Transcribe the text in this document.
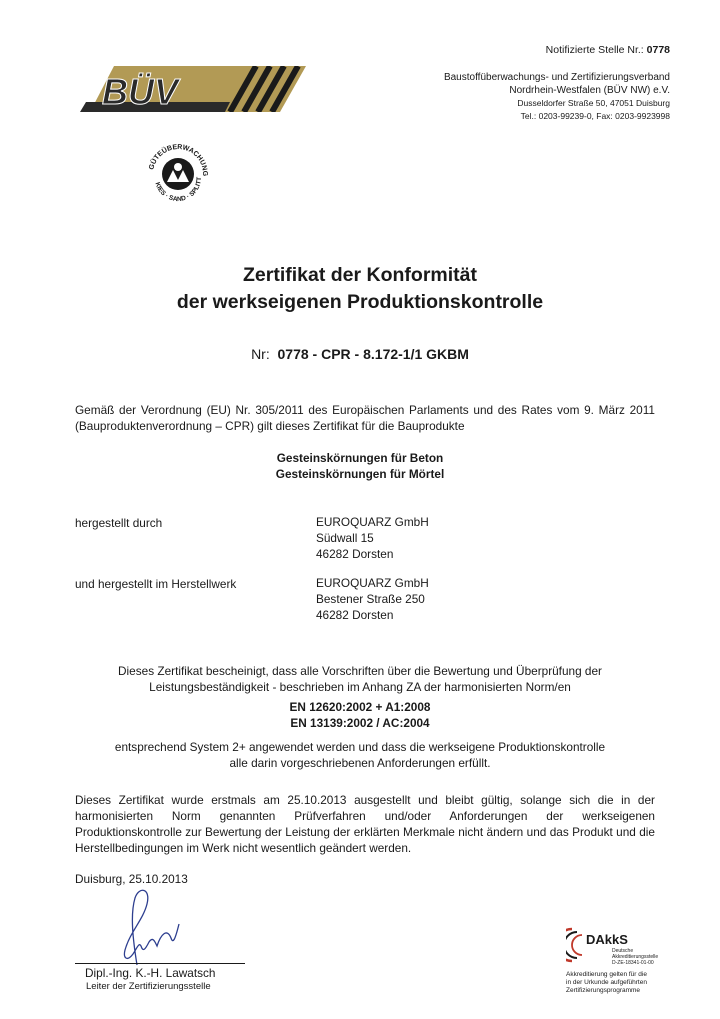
Notifizierte Stelle Nr.: 0778
BÜV	Baustoffüberwachungs- und Zertifizierungsverband
Nordrhein-Westfalen (BÜV NW) e.V.
Dusseldorfer Straße 50, 47051 Duisburg
Tel.: 0203-99239-0, Fax: 0203-9923998
GÜTEÜBERWACHUNG
KIES · SAND · SPLITT
Zertifikat der Konformität
der werkseigenen Produktionskontrolle
Nr: 0778 - CPR - 8.172-1/1 GKBM
Gemäß der Verordnung (EU) Nr. 305/2011 des Europäischen Parlaments und des Rates vom 9. März 2011 (Bauproduktenverordnung – CPR) gilt dieses Zertifikat für die Bauprodukte
Gesteinskörnungen für Beton
Gesteinskörnungen für Mörtel
hergestellt durch	EUROQUARZ GmbH
Südwall 15
46282 Dorsten
und hergestellt im Herstellwerk	EUROQUARZ GmbH
Bestener Straße 250
46282 Dorsten
Dieses Zertifikat bescheinigt, dass alle Vorschriften über die Bewertung und Überprüfung der
Leistungsbeständigkeit - beschrieben im Anhang ZA der harmonisierten Norm/en
EN 12620:2002 + A1:2008
EN 13139:2002 / AC:2004
entsprechend System 2+ angewendet werden und dass die werkseigene Produktionskontrolle
alle darin vorgeschriebenen Anforderungen erfüllt.
Dieses Zertifikat wurde erstmals am 25.10.2013 ausgestellt und bleibt gültig, solange sich die in der harmonisierten Norm genannten Prüfverfahren und/oder Anforderungen der werkseigenen Produktionskontrolle zur Bewertung der Leistung der erklärten Merkmale nicht ändern und das Produkt und die Herstellbedingungen im Werk nicht wesentlich geändert werden.
Duisburg, 25.10.2013
Dipl.-Ing. K.-H. Lawatsch
Leiter der Zertifizierungsstelle
DAkkS
Deutsche
Akkreditierungsstelle
D-ZE-18341-01-00
Akkreditierung gelten für die
in der Urkunde aufgeführten
Zertifizierungsprogramme
